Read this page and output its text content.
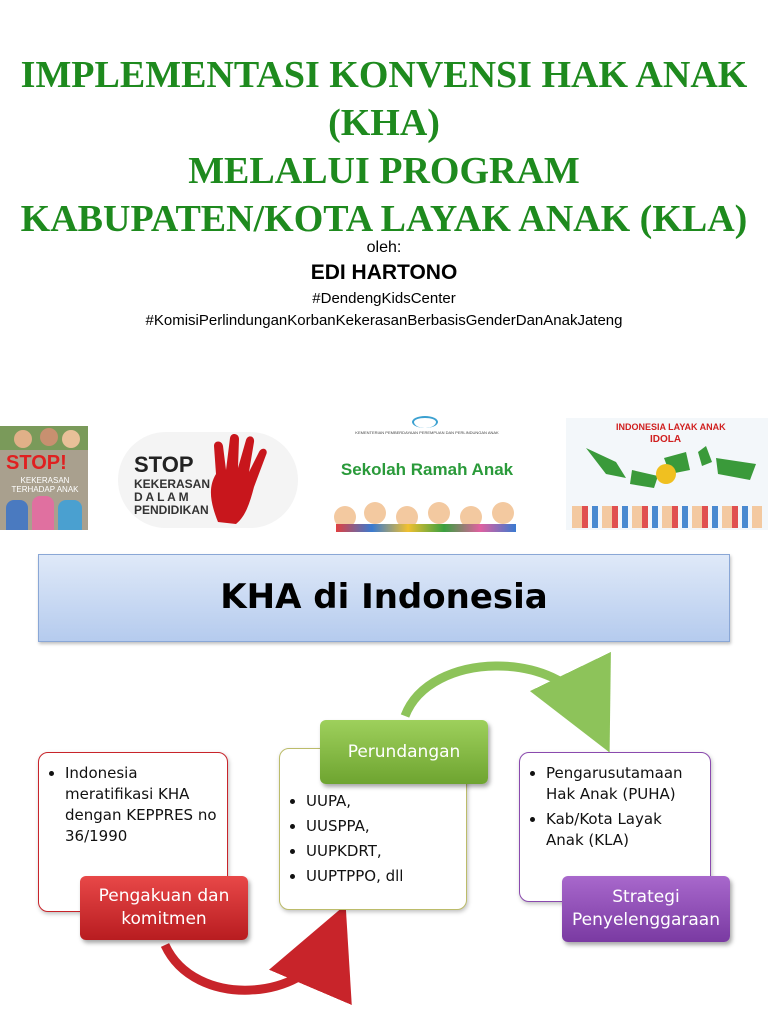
IMPLEMENTASI KONVENSI HAK ANAK
(KHA)
MELALUI PROGRAM
KABUPATEN/KOTA LAYAK ANAK (KLA)
oleh:
EDI HARTONO
#DendengKidsCenter
#KomisiPerlindunganKorbanKekerasanBerbasisGenderDanAnakJateng
STOP!
KEKERASAN TERHADAP ANAK
STOP
KEKERASAN
D A L A M
PENDIDIKAN
KEMENTERIAN PEMBERDAYAAN PEREMPUAN DAN PERLINDUNGAN ANAK
Sekolah Ramah Anak
INDONESIA LAYAK ANAK
IDOLA
KHA di Indonesia
• Indonesia meratifikasi KHA dengan KEPPRES no 36/1990
Pengakuan dan komitmen
• UUPA,
• UUSPPA,
• UUPKDRT,
• UUPTPPO, dll
Perundangan
• Pengarusutamaan Hak Anak (PUHA)
• Kab/Kota Layak Anak (KLA)
Strategi Penyelenggaraan
